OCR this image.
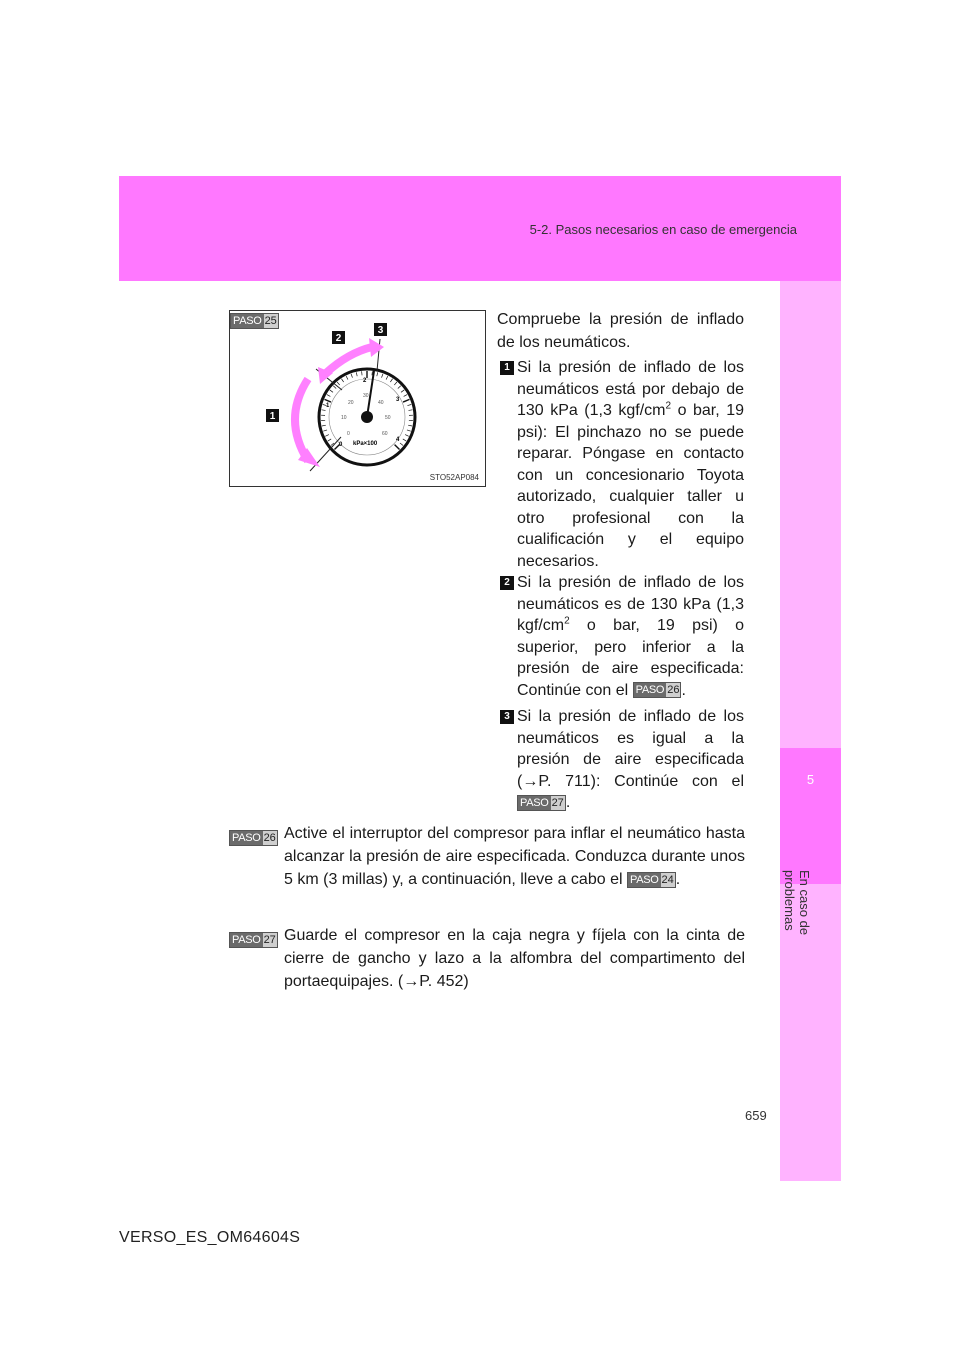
5-2. Pasos necesarios en caso de emergencia
5
En caso de problemas
0
1
2
3
4
0
10
20
30
40
50
60
kPa×100
1
2
3
PASO 25
STO52AP084
Compruebe la presión de inflado de los neumáticos.
1 Si la presión de inflado de los neumáticos está por debajo de 130 kPa (1,3 kgf/$cm^2$ o bar, 19 psi): El pinchazo no se puede reparar. Póngase en contacto con un concesionario Toyota autorizado, cualquier taller u otro profesional con la cualificación y el equipo necesarios.
2 Si la presión de inflado de los neumáticos es de 130 kPa (1,3 kgf/$cm^2$ o bar, 19 psi) o superior, pero inferior a la presión de aire especificada: Continúe con el PASO 26 .
3 Si la presión de inflado de los neumáticos es igual a la presión de aire especificada (→P. 711): Continúe con el
PASO 27 .
PASO 26 Active el interruptor del compresor para inflar el neumático hasta alcanzar la presión de aire especificada. Conduzca durante unos 5 km (3 millas) y, a continuación, lleve a cabo el PASO 24 .
PASO 27 Guarde el compresor en la caja negra y fíjela con la cinta de cierre de gancho y lazo a la alfombra del compartimento del portaequipajes. (→P. 452)
659
VERSO_ES_OM64604S
